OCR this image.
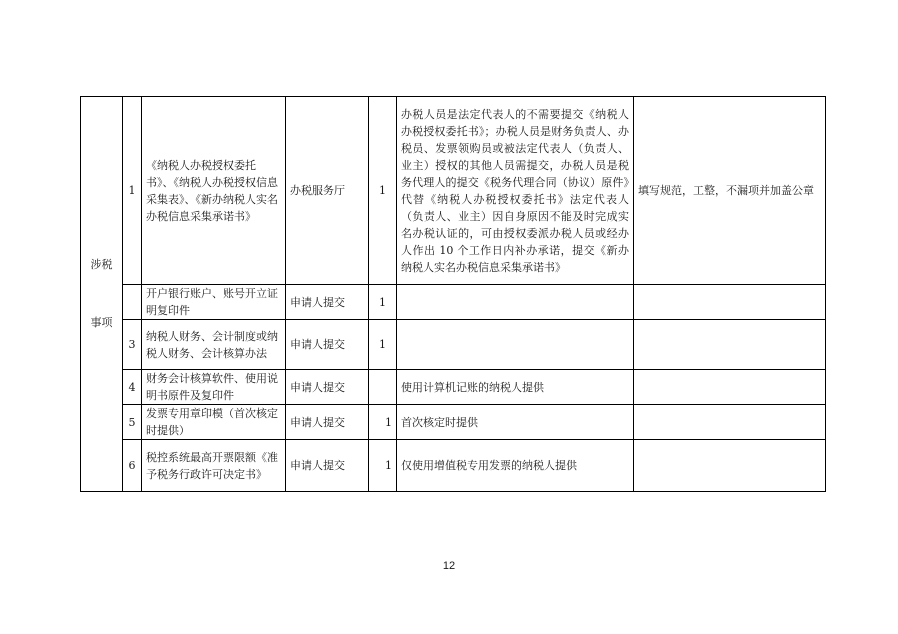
涉税
事项	1	《纳税人办税授权委托书》、《纳税人办税授权信息采集表》、《新办纳税人实名办税信息采集承诺书》	办税服务厅	1	办税人员是法定代表人的不需要提交《纳税人办税授权委托书》；办税人员是财务负责人、办税员、发票领购员或被法定代表人（负责人、业主）授权的其他人员需提交，办税人员是税务代理人的提交《税务代理合同（协议）原件》代替《纳税人办税授权委托书》法定代表人（负责人、业主）因自身原因不能及时完成实名办税认证的，可由授权委派办税人员或经办人作出 10 个工作日内补办承诺，提交《新办纳税人实名办税信息采集承诺书》	填写规范，工整，不漏项并加盖公章
		开户银行账户、账号开立证明复印件	申请人提交	1		
	3	纳税人财务、会计制度或纳税人财务、会计核算办法	申请人提交	1		
	4	财务会计核算软件、使用说明书原件及复印件	申请人提交		使用计算机记账的纳税人提供	
	5	发票专用章印模（首次核定时提供）	申请人提交	1	首次核定时提供	
	6	税控系统最高开票限额《准予税务行政许可决定书》	申请人提交	1	仅使用增值税专用发票的纳税人提供	
12
